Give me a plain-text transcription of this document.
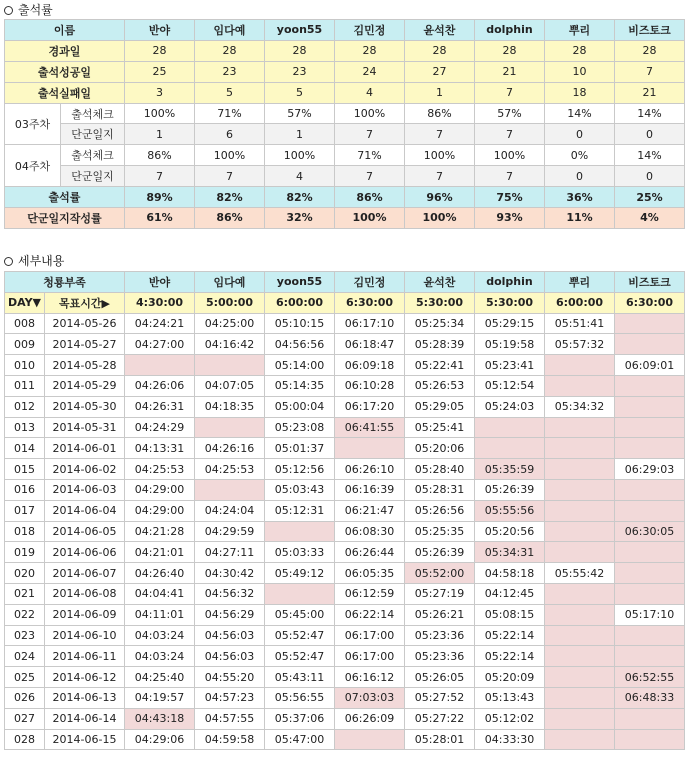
출석률
이름		반야	임다예	yoon55	김민정	윤석찬	dolphin	뿌리	비즈토크
경과일		28	28	28	28	28	28	28	28
출석성공일		25	23	23	24	27	21	10	7
출석실패일		3	5	5	4	1	7	18	21
03주차	출석체크	100%	71%	57%	100%	86%	57%	14%	14%
	단군일지	1	6	1	7	7	7	0	0
04주차	출석체크	86%	100%	100%	71%	100%	100%	0%	14%
	단군일지	7	7	4	7	7	7	0	0
출석률		89%	82%	82%	86%	96%	75%	36%	25%
단군일지작성률		61%	86%	32%	100%	100%	93%	11%	4%
세부내용
청룡부족		반야	임다예	yoon55	김민정	윤석찬	dolphin	뿌리	비즈토크
DAY▼	목표시간▶	4:30:00	5:00:00	6:00:00	6:30:00	5:30:00	5:30:00	6:00:00	6:30:00
008	2014-05-26	04:24:21	04:25:00	05:10:15	06:17:10	05:25:34	05:29:15	05:51:41	
009	2014-05-27	04:27:00	04:16:42	04:56:56	06:18:47	05:28:39	05:19:58	05:57:32	
010	2014-05-28			05:14:00	06:09:18	05:22:41	05:23:41		06:09:01
011	2014-05-29	04:26:06	04:07:05	05:14:35	06:10:28	05:26:53	05:12:54		
012	2014-05-30	04:26:31	04:18:35	05:00:04	06:17:20	05:29:05	05:24:03	05:34:32	
013	2014-05-31	04:24:29		05:23:08	06:41:55	05:25:41			
014	2014-06-01	04:13:31	04:26:16	05:01:37		05:20:06			
015	2014-06-02	04:25:53	04:25:53	05:12:56	06:26:10	05:28:40	05:35:59		06:29:03
016	2014-06-03	04:29:00		05:03:43	06:16:39	05:28:31	05:26:39		
017	2014-06-04	04:29:00	04:24:04	05:12:31	06:21:47	05:26:56	05:55:56		
018	2014-06-05	04:21:28	04:29:59		06:08:30	05:25:35	05:20:56		06:30:05
019	2014-06-06	04:21:01	04:27:11	05:03:33	06:26:44	05:26:39	05:34:31		
020	2014-06-07	04:26:40	04:30:42	05:49:12	06:05:35	05:52:00	04:58:18	05:55:42	
021	2014-06-08	04:04:41	04:56:32		06:12:59	05:27:19	04:12:45		
022	2014-06-09	04:11:01	04:56:29	05:45:00	06:22:14	05:26:21	05:08:15		05:17:10
023	2014-06-10	04:03:24	04:56:03	05:52:47	06:17:00	05:23:36	05:22:14		
024	2014-06-11	04:03:24	04:56:03	05:52:47	06:17:00	05:23:36	05:22:14		
025	2014-06-12	04:25:40	04:55:20	05:43:11	06:16:12	05:26:05	05:20:09		06:52:55
026	2014-06-13	04:19:57	04:57:23	05:56:55	07:03:03	05:27:52	05:13:43		06:48:33
027	2014-06-14	04:43:18	04:57:55	05:37:06	06:26:09	05:27:22	05:12:02		
028	2014-06-15	04:29:06	04:59:58	05:47:00		05:28:01	04:33:30		
